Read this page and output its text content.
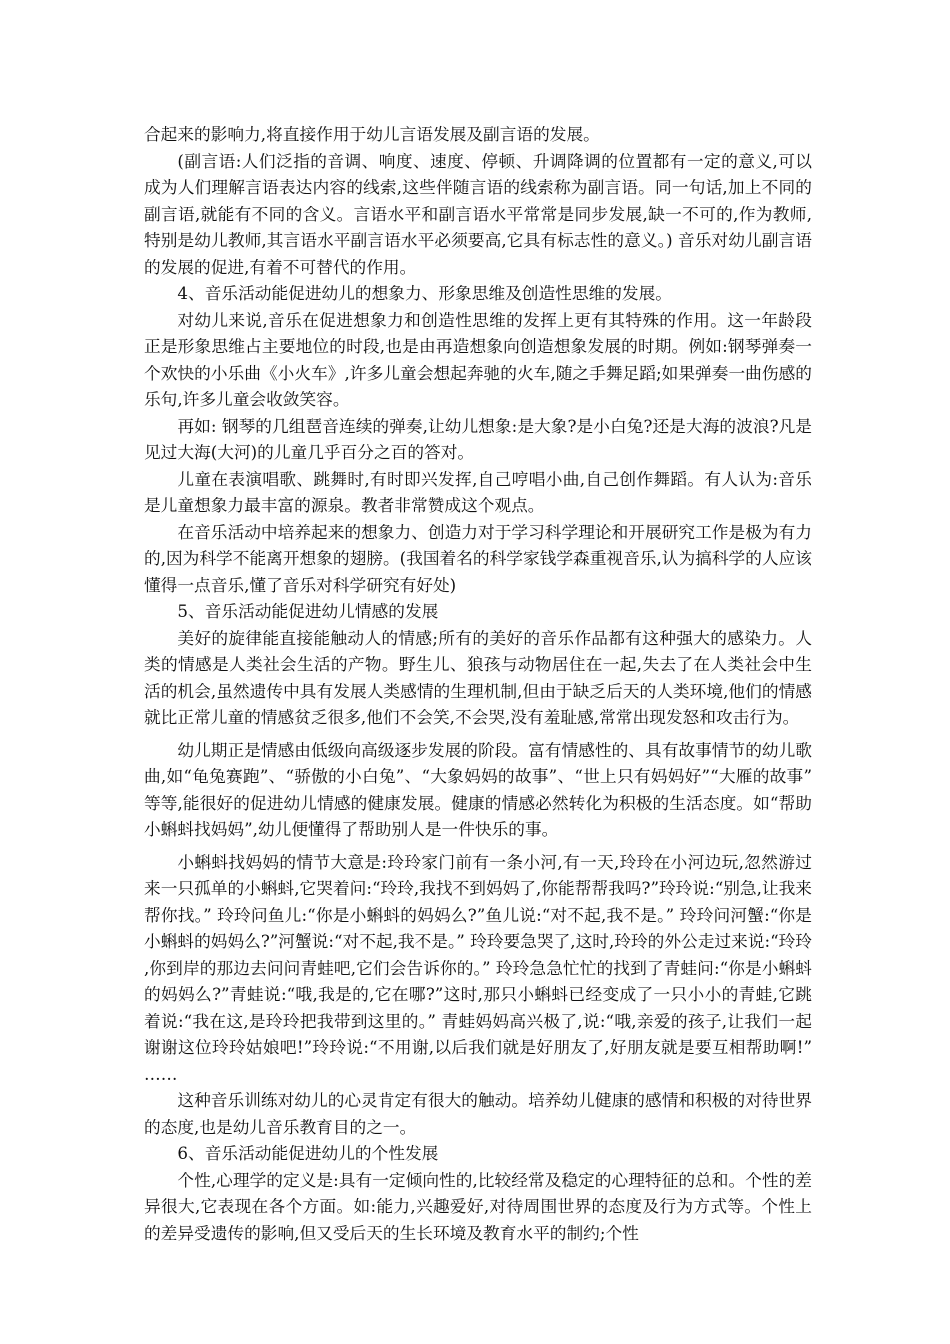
合起来的影响力,将直接作用于幼儿言语发展及副言语的发展。

(副言语:人们泛指的音调、响度、速度、停顿、升调降调的位置都有一定的意义,可以成为人们理解言语表达内容的线索,这些伴随言语的线索称为副言语。同一句话,加上不同的副言语,就能有不同的含义。言语水平和副言语水平常常是同步发展,缺一不可的,作为教师,特别是幼儿教师,其言语水平副言语水平必须要高,它具有标志性的意义。) 音乐对幼儿副言语的发展的促进,有着不可替代的作用。

4、音乐活动能促进幼儿的想象力、形象思维及创造性思维的发展。

对幼儿来说,音乐在促进想象力和创造性思维的发挥上更有其特殊的作用。这一年龄段正是形象思维占主要地位的时段,也是由再造想象向创造想象发展的时期。例如:钢琴弹奏一个欢快的小乐曲《小火车》,许多儿童会想起奔驰的火车,随之手舞足蹈;如果弹奏一曲伤感的乐句,许多儿童会收敛笑容。

再如: 钢琴的几组琶音连续的弹奏,让幼儿想象:是大象?是小白兔?还是大海的波浪?凡是见过大海(大河)的儿童几乎百分之百的答对。

儿童在表演唱歌、跳舞时,有时即兴发挥,自己哼唱小曲,自己创作舞蹈。有人认为:音乐是儿童想象力最丰富的源泉。教者非常赞成这个观点。

在音乐活动中培养起来的想象力、创造力对于学习科学理论和开展研究工作是极为有力的,因为科学不能离开想象的翅膀。(我国着名的科学家钱学森重视音乐,认为搞科学的人应该懂得一点音乐,懂了音乐对科学研究有好处)

5、音乐活动能促进幼儿情感的发展

美好的旋律能直接能触动人的情感;所有的美好的音乐作品都有这种强大的感染力。人类的情感是人类社会生活的产物。野生儿、狼孩与动物居住在一起,失去了在人类社会中生活的机会,虽然遗传中具有发展人类感情的生理机制,但由于缺乏后天的人类环境,他们的情感就比正常儿童的情感贫乏很多,他们不会笑,不会哭,没有羞耻感,常常出现发怒和攻击行为。

幼儿期正是情感由低级向高级逐步发展的阶段。富有情感性的、具有故事情节的幼儿歌曲,如“龟兔赛跑”、“骄傲的小白兔”、“大象妈妈的故事”、“世上只有妈妈好”“大雁的故事”等等,能很好的促进幼儿情感的健康发展。健康的情感必然转化为积极的生活态度。如“帮助小蝌蚪找妈妈”,幼儿便懂得了帮助别人是一件快乐的事。

小蝌蚪找妈妈的情节大意是:玲玲家门前有一条小河,有一天,玲玲在小河边玩,忽然游过来一只孤单的小蝌蚪,它哭着问:“玲玲,我找不到妈妈了,你能帮帮我吗?”玲玲说:“别急,让我来帮你找。” 玲玲问鱼儿:“你是小蝌蚪的妈妈么?”鱼儿说:“对不起,我不是。” 玲玲问河蟹:“你是小蝌蚪的妈妈么?”河蟹说:“对不起,我不是。” 玲玲要急哭了,这时,玲玲的外公走过来说:“玲玲,你到岸的那边去问问青蛙吧,它们会告诉你的。” 玲玲急急忙忙的找到了青蛙问:“你是小蝌蚪的妈妈么?”青蛙说:“哦,我是的,它在哪?”这时,那只小蝌蚪已经变成了一只小小的青蛙,它跳着说:“我在这,是玲玲把我带到这里的。” 青蛙妈妈高兴极了,说:“哦,亲爱的孩子,让我们一起谢谢这位玲玲姑娘吧!”玲玲说:“不用谢,以后我们就是好朋友了,好朋友就是要互相帮助啊!” ……

这种音乐训练对幼儿的心灵肯定有很大的触动。培养幼儿健康的感情和积极的对待世界的态度,也是幼儿音乐教育目的之一。

6、音乐活动能促进幼儿的个性发展

个性,心理学的定义是:具有一定倾向性的,比较经常及稳定的心理特征的总和。个性的差异很大,它表现在各个方面。如:能力,兴趣爱好,对待周围世界的态度及行为方式等。个性上的差异受遗传的影响,但又受后天的生长环境及教育水平的制约;个性
